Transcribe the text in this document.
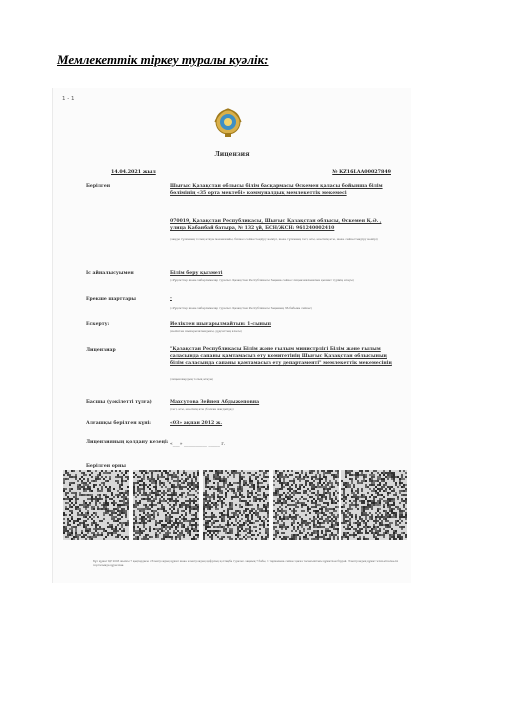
Мемлекеттік тіркеу туралы куәлік:
1 - 1
Лицензия
14.04.2021 жыл	№ KZ16LAA00027849
Берілген	Шығыс Қазақстан облысы білім басқармасы Өскемен қаласы бойынша білім бөлімінің «35 орта мектебі» коммуналдық мемлекеттік мекемесі
070019, Қазақстан Республикасы, Шығыс Қазақстан облысы, Өскемен Қ.Ә. , улица Кабанбай батыра, № 132 үй, БСН/ЖСН: 961240002410
(заңды тұлғаның толық атауы мекенжайы, бизнес-сәйкестендіру нөмірі, жеке тұлғаның тегі, аты, әкесінің аты, жеке сәйкестендіру нөмірі)
Іс айналысуымен	Білім беру қызметі
(«Рұқсаттар және хабарламалар туралы» Қазақстан Республикасы Заңына сәйкес лицензияланатын қызмет түрінің атауы)
Ерекше шарттары	-
(«Рұқсаттар және хабарламалар туралы» Қазақстан Республикасы Заңының 36-бабына сәйкес)
Ескерту:	Иеліктен шығарылмайтын: 1-сынып
(иеліктен шығарылатындығы, рұқсаттың класы)
Лицензиар	"Қазақстан Республикасы Білім және ғылым министрлігі Білім және ғылым саласында сапаны қамтамасыз ету комитетінің Шығыс Қазақстан облысының білім саласында сапаны қамтамасыз ету департаменті" мемлекеттік мекемесінің
(лицензиардың толық атауы)
Басшы (уәкілетті тұлға)	Махсутова Зейнеп Абдыжеповна
(тегі, аты, әкесінің аты (болған жағдайда))
Алғашқы берілген күні:	«03» ақпан 2012 ж.
Лицензияның қолдану кезеңі: «___» __________ _____ г.
Берілген орны
Бұл құжат ҚР 2003 жылғы 7 қаңтардағы «Электрондық құжат және электрондық цифрлық қолтаңба туралы» заңның 7 бабы, 1 тармағына сәйкес қағаз тасығыштағы құжатпен бірдей. Электрондық құжат www.elicense.kz порталында құрылған.
